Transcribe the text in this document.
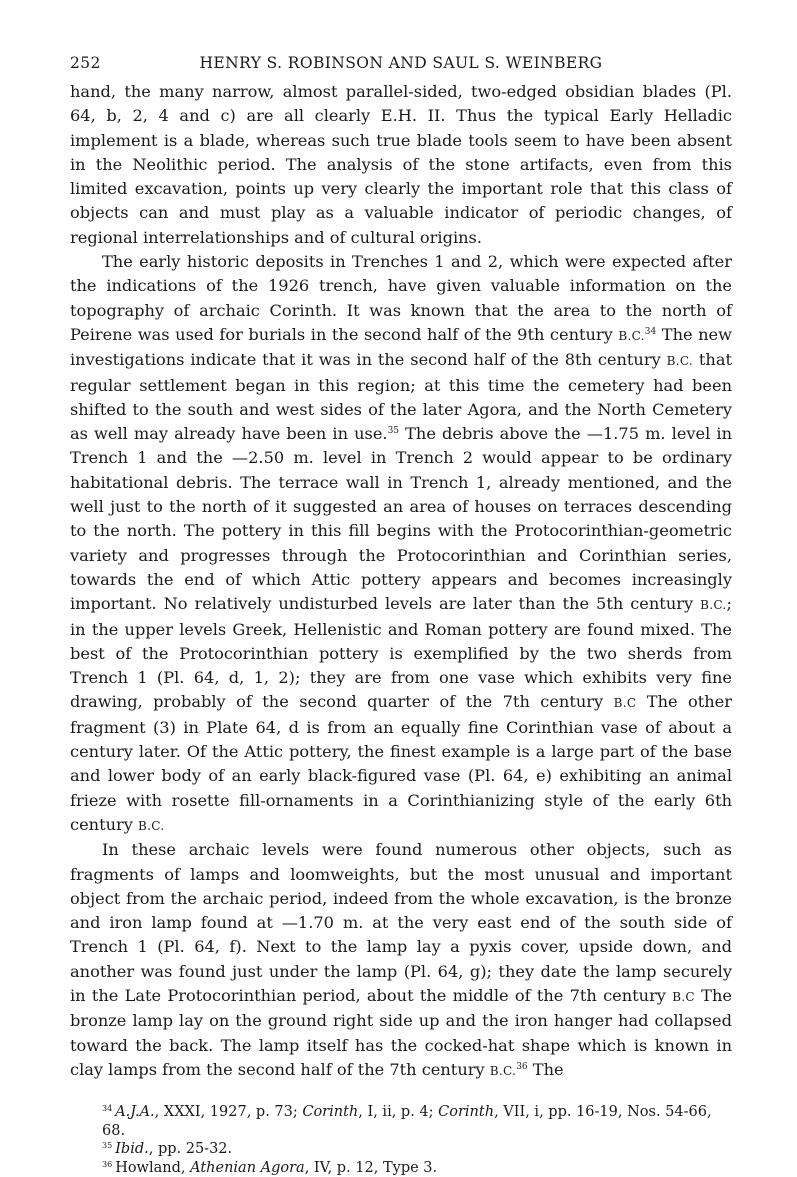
252	HENRY S. ROBINSON AND SAUL S. WEINBERG

hand, the many narrow, almost parallel-sided, two-edged obsidian blades (Pl. 64, b, 2, 4 and c) are all clearly E.H. II. Thus the typical Early Helladic implement is a blade, whereas such true blade tools seem to have been absent in the Neolithic period. The analysis of the stone artifacts, even from this limited excavation, points up very clearly the important role that this class of objects can and must play as a valuable indicator of periodic changes, of regional interrelationships and of cultural origins.

The early historic deposits in Trenches 1 and 2, which were expected after the indications of the 1926 trench, have given valuable information on the topography of archaic Corinth. It was known that the area to the north of Peirene was used for burials in the second half of the 9th century B.C.$^{34}$ The new investigations indicate that it was in the second half of the 8th century B.C. that regular settlement began in this region; at this time the cemetery had been shifted to the south and west sides of the later Agora, and the North Cemetery as well may already have been in use.$^{35}$ The debris above the —1.75 m. level in Trench 1 and the —2.50 m. level in Trench 2 would appear to be ordinary habitational debris. The terrace wall in Trench 1, already mentioned, and the well just to the north of it suggested an area of houses on terraces descending to the north. The pottery in this fill begins with the Protocorinthian-geometric variety and progresses through the Protocorinthian and Corinthian series, towards the end of which Attic pottery appears and becomes increasingly important. No relatively undisturbed levels are later than the 5th century B.C.; in the upper levels Greek, Hellenistic and Roman pottery are found mixed. The best of the Protocorinthian pottery is exemplified by the two sherds from Trench 1 (Pl. 64, d, 1, 2); they are from one vase which exhibits very fine drawing, probably of the second quarter of the 7th century B.C The other fragment (3) in Plate 64, d is from an equally fine Corinthian vase of about a century later. Of the Attic pottery, the finest example is a large part of the base and lower body of an early black-figured vase (Pl. 64, e) exhibiting an animal frieze with rosette fill-ornaments in a Corinthianizing style of the early 6th century B.C.

In these archaic levels were found numerous other objects, such as fragments of lamps and loomweights, but the most unusual and important object from the archaic period, indeed from the whole excavation, is the bronze and iron lamp found at —1.70 m. at the very east end of the south side of Trench 1 (Pl. 64, f). Next to the lamp lay a pyxis cover, upside down, and another was found just under the lamp (Pl. 64, g); they date the lamp securely in the Late Protocorinthian period, about the middle of the 7th century B.C The bronze lamp lay on the ground right side up and the iron hanger had collapsed toward the back. The lamp itself has the cocked-hat shape which is known in clay lamps from the second half of the 7th century B.C.$^{36}$ The

$^{34}$ A.J.A., XXXI, 1927, p. 73; Corinth, I, ii, p. 4; Corinth, VII, i, pp. 16-19, Nos. 54-66, 68.
$^{35}$ Ibid., pp. 25-32.
$^{36}$ Howland, Athenian Agora, IV, p. 12, Type 3.
